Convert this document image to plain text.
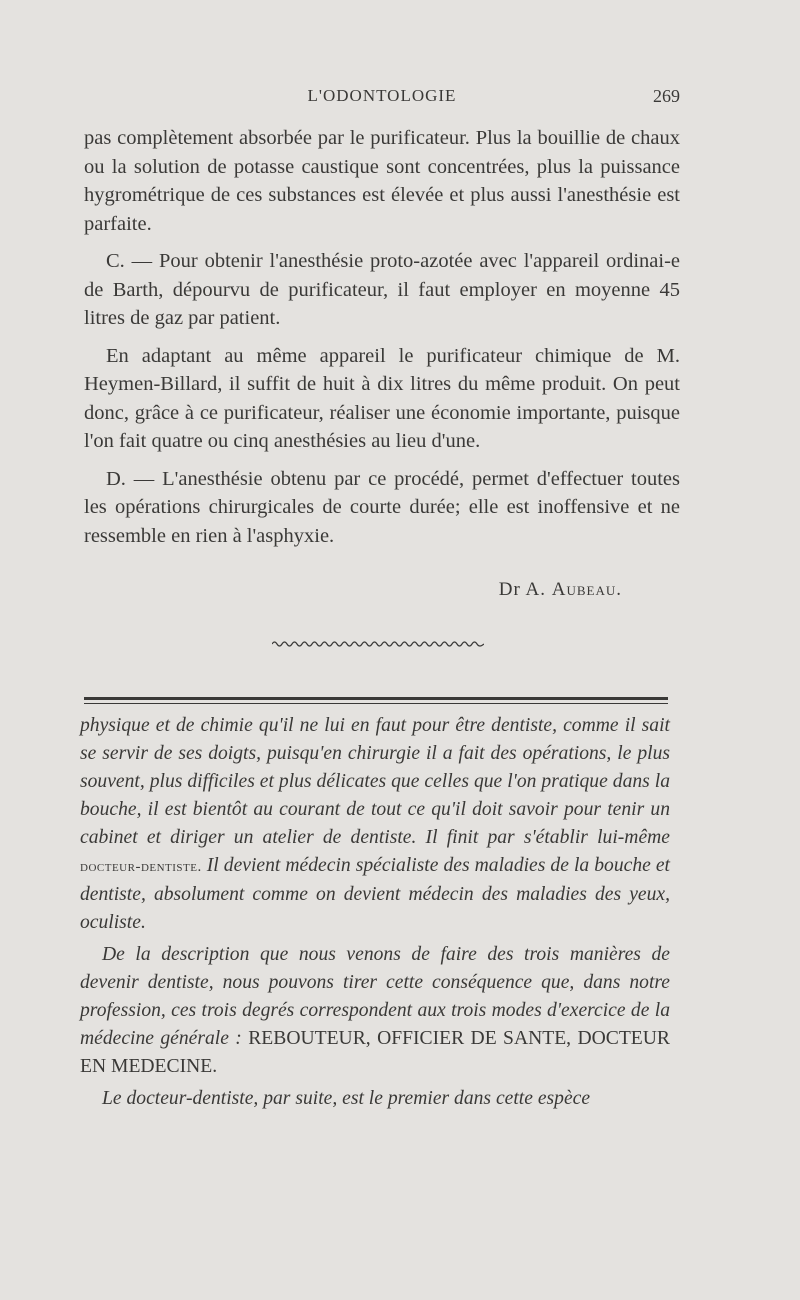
L'ODONTOLOGIE	269

pas complètement absorbée par le purificateur. Plus la bouillie de chaux ou la solution de potasse caustique sont concentrées, plus la puissance hygrométrique de ces substances est élevée et plus aussi l'anesthésie est parfaite.

C. — Pour obtenir l'anesthésie proto-azotée avec l'appareil ordinai-e de Barth, dépourvu de purificateur, il faut employer en moyenne 45 litres de gaz par patient.

En adaptant au même appareil le purificateur chimique de M. Heymen-Billard, il suffit de huit à dix litres du même produit. On peut donc, grâce à ce purificateur, réaliser une économie importante, puisque l'on fait quatre ou cinq anesthésies au lieu d'une.

D. — L'anesthésie obtenu par ce procédé, permet d'effectuer toutes les opérations chirurgicales de courte durée; elle est inoffensive et ne ressemble en rien à l'asphyxie.

Dr A. Aubeau.

physique et de chimie qu'il ne lui en faut pour être dentiste, comme il sait se servir de ses doigts, puisqu'en chirurgie il a fait des opérations, le plus souvent, plus difficiles et plus délicates que celles que l'on pratique dans la bouche, il est bientôt au courant de tout ce qu'il doit savoir pour tenir un cabinet et diriger un atelier de dentiste. Il finit par s'établir lui-même docteur-dentiste. Il devient médecin spécialiste des maladies de la bouche et dentiste, absolument comme on devient médecin des maladies des yeux, oculiste.

De la description que nous venons de faire des trois manières de devenir dentiste, nous pouvons tirer cette conséquence que, dans notre profession, ces trois degrés correspondent aux trois modes d'exercice de la médecine générale : REBOUTEUR, OFFICIER DE SANTE, DOCTEUR EN MEDECINE.

Le docteur-dentiste, par suite, est le premier dans cette espèce
